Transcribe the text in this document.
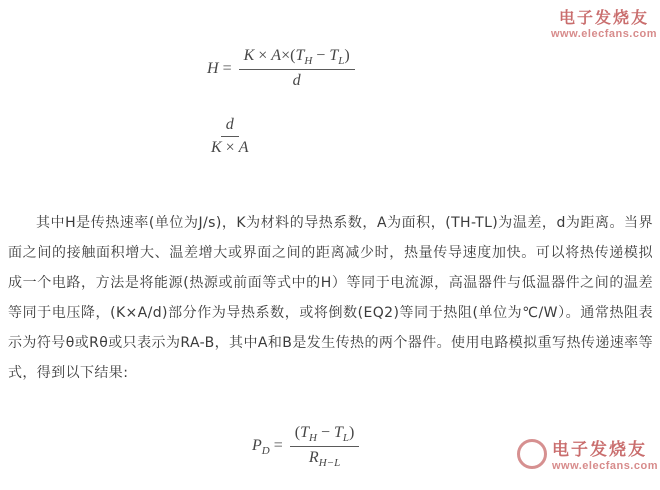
电子发烧友
www.elecfans.com
$H = \frac{K \times A\times(T_H - T_L)}{d}$
$\frac{d}{K \times A}$

其中H是传热速率(单位为J/s)，K为材料的导热系数，A为面积，(TH-TL)为温差，d为距离。当界面之间的接触面积增大、温差增大或界面之间的距离减少时，热量传导速度加快。可以将热传递模拟成一个电路，方法是将能源(热源或前面等式中的H）等同于电流源，高温器件与低温器件之间的温差等同于电压降，(K×A/d)部分作为导热系数，或将倒数(EQ2)等同于热阻(单位为℃/W）。通常热阻表示为符号θ或Rθ或只表示为RA-B，其中A和B是发生传热的两个器件。使用电路模拟重写热传递速率等式，得到以下结果:

$P_D = \frac{(T_H - T_L)}{R_{H-L}}$	电子发烧友
www.elecfans.com
